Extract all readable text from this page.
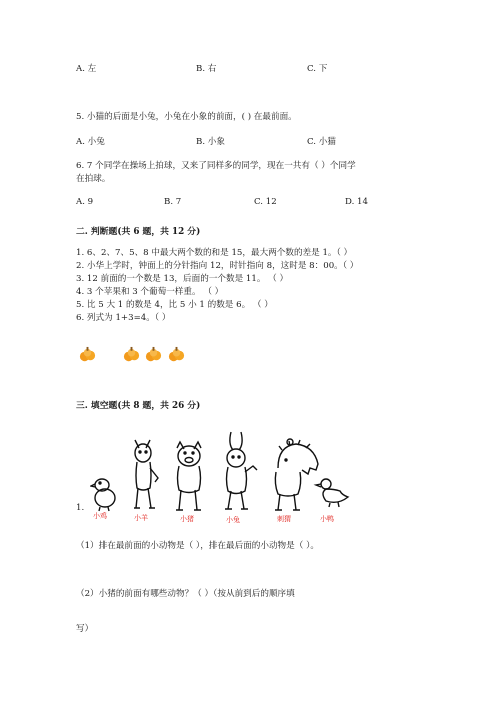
A. 左	B. 右	C. 下
5. 小猫的后面是小兔，小兔在小象的前面，( ) 在最前面。
A. 小兔	B. 小象	C. 小猫
6. 7 个同学在操场上拍球，又来了同样多的同学，现在一共有（ ）个同学
在拍球。
A. 9	B. 7	C. 12	D. 14
二. 判断题(共 6 题，共 12 分)
1. 6、2、7、5、8 中最大两个数的和是 15，最大两个数的差是 1。（ ）
2. 小华上学时，钟面上的分针指向 12，时针指向 8，这时是 8：00。（ ）
3. 12 前面的一个数是 13，后面的一个数是 11。 （ ）
4. 3 个苹果和 3 个葡萄一样重。 （ ）
5. 比 5 大 1 的数是 4，比 5 小 1 的数是 6。 （ ）
6. 列式为 1+3=4。（ ）
三. 填空题(共 8 题，共 26 分)
1.
小鸡	小羊	小猪	小兔	刺猬	小鸭
（1）排在最前面的小动物是（ ），排在最后面的小动物是（ ）。
（2）小猪的前面有哪些动物？（ ）（按从前到后的顺序填
写）
